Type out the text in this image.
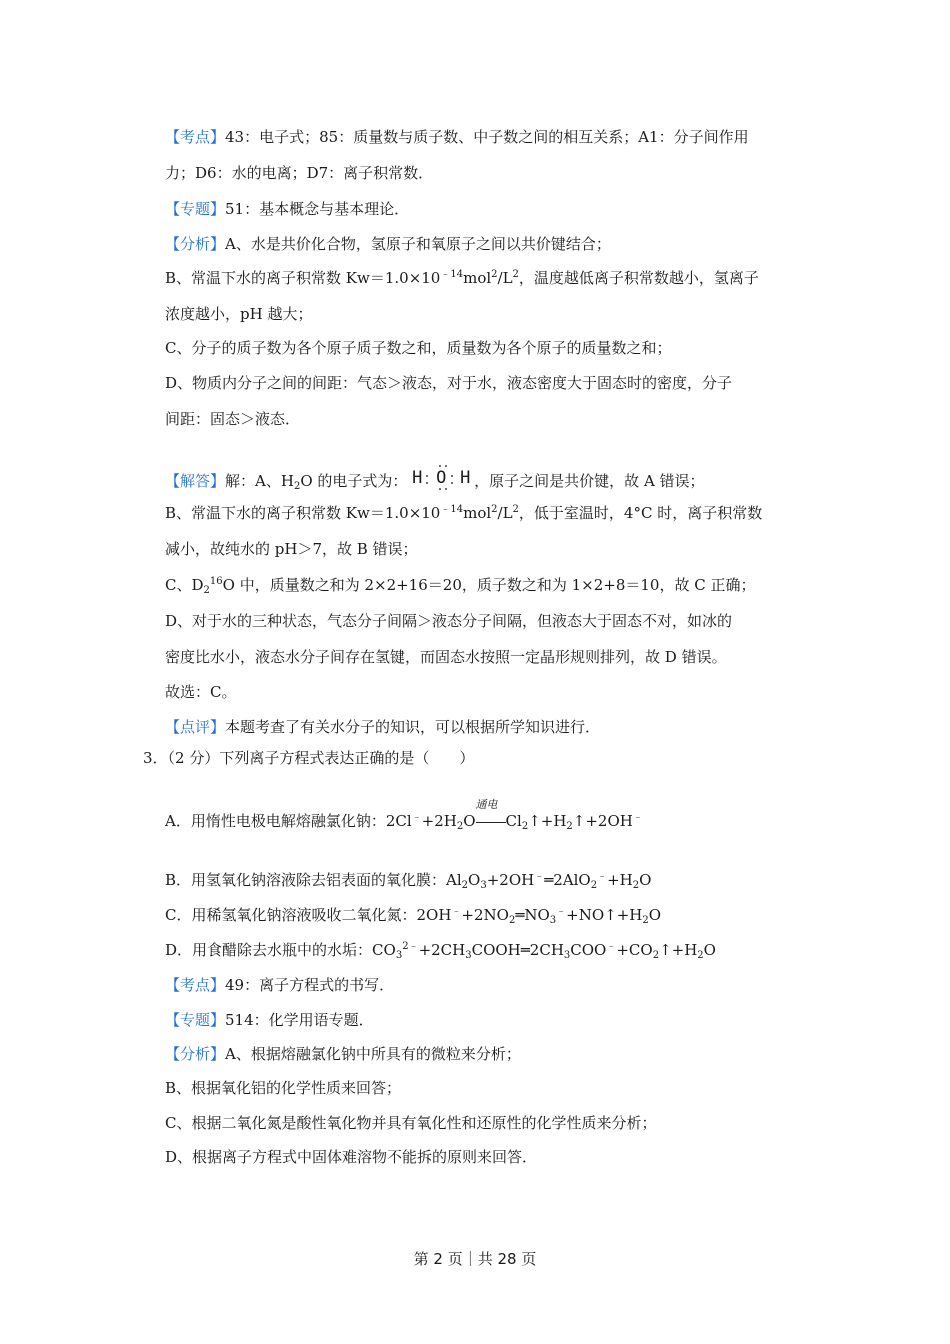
【考点】43：电子式；85：质量数与质子数、中子数之间的相互关系；A1：分子间作用
力；D6：水的电离；D7：离子积常数．
【专题】51：基本概念与基本理论．
【分析】A、水是共价化合物，氢原子和氧原子之间以共价键结合；
B、常温下水的离子积常数 $Kw=1.0\times 10^{﹣14}mol^2/L^2$，温度越低离子积常数越小，氢离子
浓度越小，pH 越大；
C、分子的质子数为各个原子质子数之和，质量数为各个原子的质量数之和；
D、物质内分子之间的间距：气态＞液态，对于水，液态密度大于固态时的密度，分子
间距：固态＞液态．
【解答】解：A、$H_2O$ 的电子式为： H O H ，原子之间是共价键，故 A 错误；
B、常温下水的离子积常数 $Kw=1.0\times 10^{﹣14}mol^2/L^2$，低于室温时，4°C 时，离子积常数
减小，故纯水的 pH＞7，故 B 错误；
C、$D_2^{16}O$ 中，质量数之和为 2×2+16＝20，质子数之和为 1×2+8＝10，故 C 正确；
D、对于水的三种状态，气态分子间隔＞液态分子间隔，但液态大于固态不对，如冰的
密度比水小，液态水分子间存在氢键，而固态水按照一定晶形规则排列，故 D 错误。
故选：C。
【点评】本题考查了有关水分子的知识，可以根据所学知识进行．
3．（2 分）下列离子方程式表达正确的是（　　）
A．用惰性电极电解熔融氯化钠：$2Cl^﹣+2H_2O$
通电
$Cl_2↑+H_2↑+2OH^﹣$
B．用氢氧化钠溶液除去铝表面的氧化膜：$Al_2O_3+2OH^﹣═2AlO_2^﹣+H_2O$
C．用稀氢氧化钠溶液吸收二氧化氮：$2OH^﹣+2NO_2═NO_3^﹣+NO↑+H_2O$
D．用食醋除去水瓶中的水垢：$CO_3^{2﹣}+2CH_3COOH═2CH_3COO^﹣+CO_2↑+H_2O$
【考点】49：离子方程式的书写．
【专题】514：化学用语专题．
【分析】A、根据熔融氯化钠中所具有的微粒来分析；
B、根据氧化铝的化学性质来回答；
C、根据二氧化氮是酸性氧化物并具有氧化性和还原性的化学性质来分析；
D、根据离子方程式中固体难溶物不能拆的原则来回答．
第 2 页｜共 28 页
